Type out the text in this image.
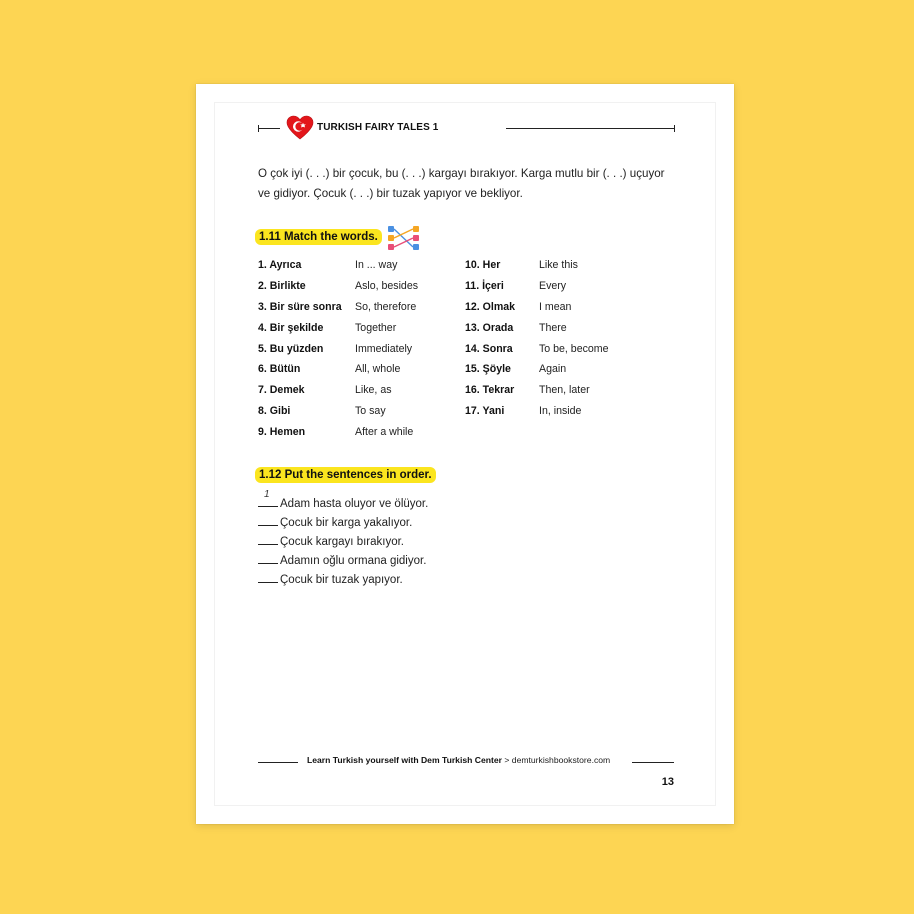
TURKISH FAIRY TALES 1
O çok iyi (. . .) bir çocuk, bu (. . .) kargayı bırakıyor. Karga mutlu bir (. . .) uçuyor ve gidiyor. Çocuk (. . .) bir tuzak yapıyor ve bekliyor.
1.11 Match the words.
1. Ayrıca
2. Birlikte
3. Bir süre sonra
4. Bir şekilde
5. Bu yüzden
6. Bütün
7. Demek
8. Gibi
9. Hemen
In ... way
Aslo, besides
So, therefore
Together
Immediately
All, whole
Like, as
To say
After a while
10. Her
11. İçeri
12. Olmak
13. Orada
14. Sonra
15. Şöyle
16. Tekrar
17. Yani
Like this
Every
I mean
There
To be, become
Again
Then, later
In, inside
1.12 Put the sentences in order.
1
Adam hasta oluyor ve ölüyor.
Çocuk bir karga yakalıyor.
Çocuk kargayı bırakıyor.
Adamın oğlu ormana gidiyor.
Çocuk bir tuzak yapıyor.
Learn Turkish yourself with Dem Turkish Center > demturkishbookstore.com
13
